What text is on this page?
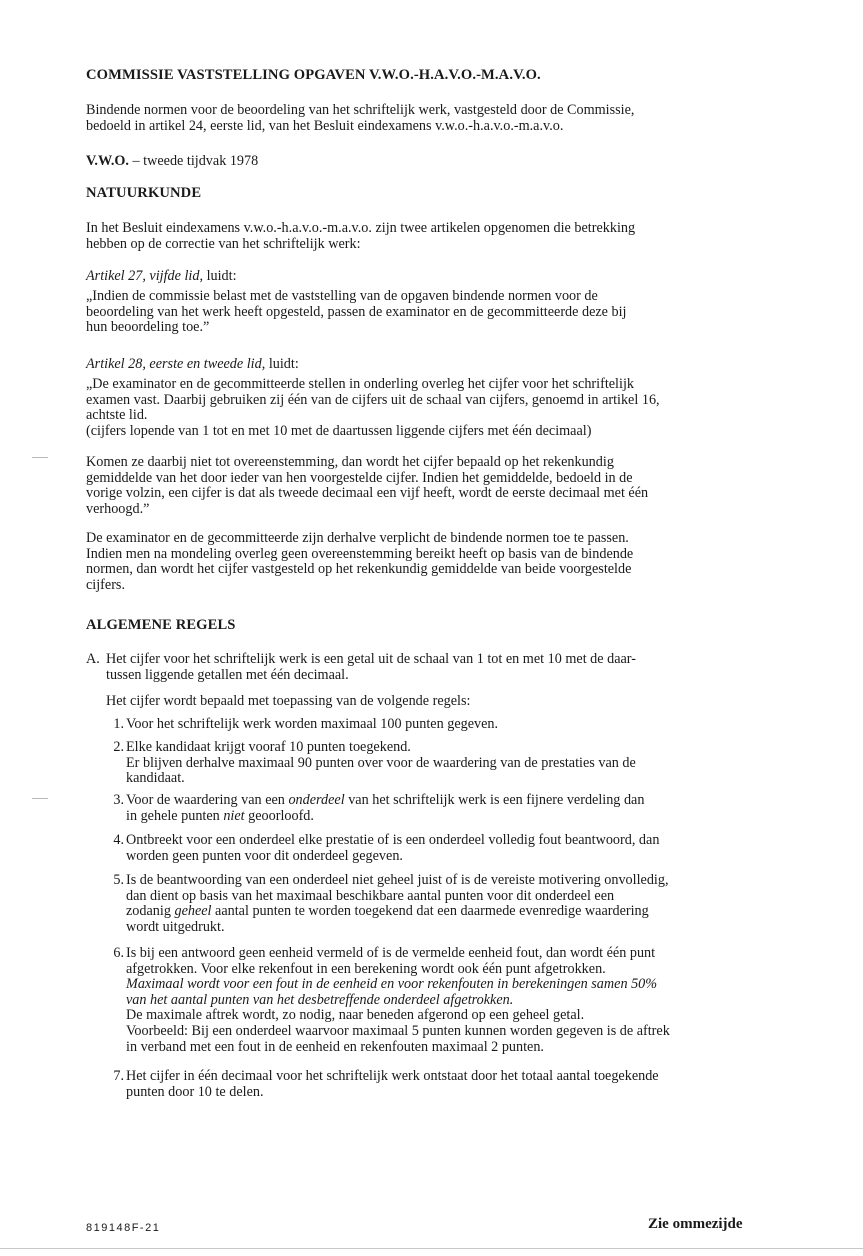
COMMISSIE VASTSTELLING OPGAVEN V.W.O.-H.A.V.O.-M.A.V.O.
Bindende normen voor de beoordeling van het schriftelijk werk, vastgesteld door de Commissie,
bedoeld in artikel 24, eerste lid, van het Besluit eindexamens v.w.o.-h.a.v.o.-m.a.v.o.
V.W.O. – tweede tijdvak 1978
NATUURKUNDE
In het Besluit eindexamens v.w.o.-h.a.v.o.-m.a.v.o. zijn twee artikelen opgenomen die betrekking
hebben op de correctie van het schriftelijk werk:
Artikel 27, vijfde lid, luidt:
„Indien de commissie belast met de vaststelling van de opgaven bindende normen voor de
beoordeling van het werk heeft opgesteld, passen de examinator en de gecommitteerde deze bij
hun beoordeling toe.”
Artikel 28, eerste en tweede lid, luidt:
„De examinator en de gecommitteerde stellen in onderling overleg het cijfer voor het schriftelijk
examen vast. Daarbij gebruiken zij één van de cijfers uit de schaal van cijfers, genoemd in artikel 16,
achtste lid.
(cijfers lopende van 1 tot en met 10 met de daartussen liggende cijfers met één decimaal)
Komen ze daarbij niet tot overeenstemming, dan wordt het cijfer bepaald op het rekenkundig
gemiddelde van het door ieder van hen voorgestelde cijfer. Indien het gemiddelde, bedoeld in de
vorige volzin, een cijfer is dat als tweede decimaal een vijf heeft, wordt de eerste decimaal met één
verhoogd.”
De examinator en de gecommitteerde zijn derhalve verplicht de bindende normen toe te passen.
Indien men na mondeling overleg geen overeenstemming bereikt heeft op basis van de bindende
normen, dan wordt het cijfer vastgesteld op het rekenkundig gemiddelde van beide voorgestelde
cijfers.
ALGEMENE REGELS
A. Het cijfer voor het schriftelijk werk is een getal uit de schaal van 1 tot en met 10 met de daar-
tussen liggende getallen met één decimaal.
Het cijfer wordt bepaald met toepassing van de volgende regels:
1. Voor het schriftelijk werk worden maximaal 100 punten gegeven.
2. Elke kandidaat krijgt vooraf 10 punten toegekend.
Er blijven derhalve maximaal 90 punten over voor de waardering van de prestaties van de
kandidaat.
3. Voor de waardering van een onderdeel van het schriftelijk werk is een fijnere verdeling dan
in gehele punten niet geoorloofd.
4. Ontbreekt voor een onderdeel elke prestatie of is een onderdeel volledig fout beantwoord, dan
worden geen punten voor dit onderdeel gegeven.
5. Is de beantwoording van een onderdeel niet geheel juist of is de vereiste motivering onvolledig,
dan dient op basis van het maximaal beschikbare aantal punten voor dit onderdeel een
zodanig geheel aantal punten te worden toegekend dat een daarmede evenredige waardering
wordt uitgedrukt.
6. Is bij een antwoord geen eenheid vermeld of is de vermelde eenheid fout, dan wordt één punt
afgetrokken. Voor elke rekenfout in een berekening wordt ook één punt afgetrokken.
Maximaal wordt voor een fout in de eenheid en voor rekenfouten in berekeningen samen 50%
van het aantal punten van het desbetreffende onderdeel afgetrokken.
De maximale aftrek wordt, zo nodig, naar beneden afgerond op een geheel getal.
Voorbeeld: Bij een onderdeel waarvoor maximaal 5 punten kunnen worden gegeven is de aftrek
in verband met een fout in de eenheid en rekenfouten maximaal 2 punten.
7. Het cijfer in één decimaal voor het schriftelijk werk ontstaat door het totaal aantal toegekende
punten door 10 te delen.
819148F-21	Zie ommezijde
